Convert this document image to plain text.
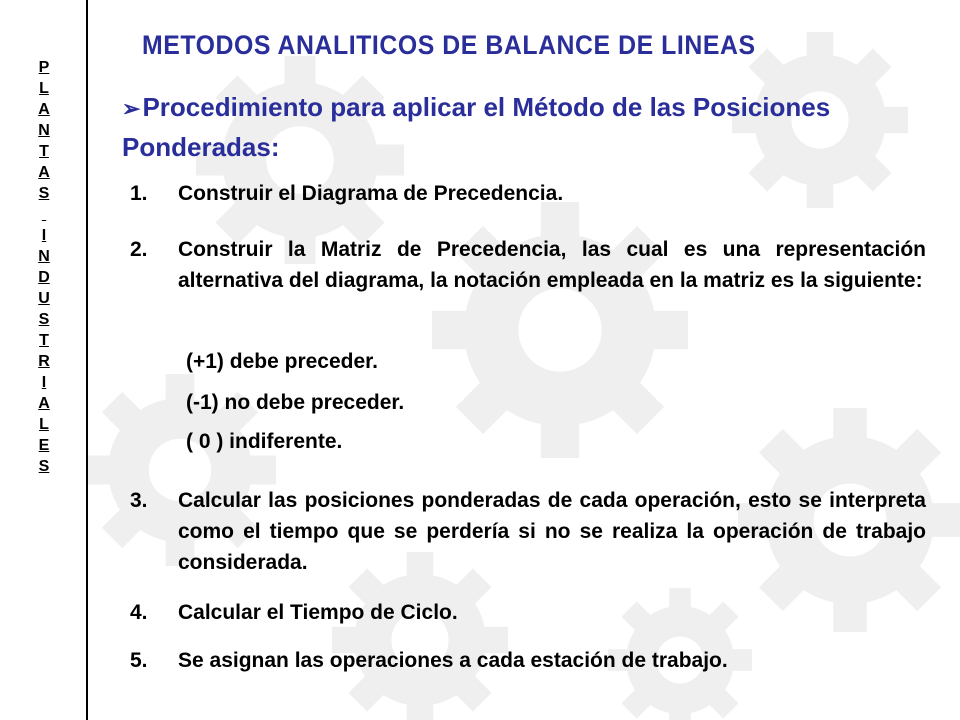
P
L
A
N
T
A
S

I
N
D
U
S
T
R
I
A
L
E
S
METODOS ANALITICOS DE BALANCE DE LINEAS
➢Procedimiento para aplicar el Método de las Posiciones Ponderadas:
1. Construir el Diagrama de Precedencia.
2. Construir la Matriz de Precedencia, las cual es una representación alternativa del diagrama, la notación empleada en la matriz es la siguiente:
(+1) debe preceder.
(-1) no debe preceder.
( 0 ) indiferente.
3. Calcular las posiciones ponderadas de cada operación, esto se interpreta como el tiempo que se perdería si no se realiza la operación de trabajo considerada.
4. Calcular el Tiempo de Ciclo.
5. Se asignan las operaciones a cada estación de trabajo.
